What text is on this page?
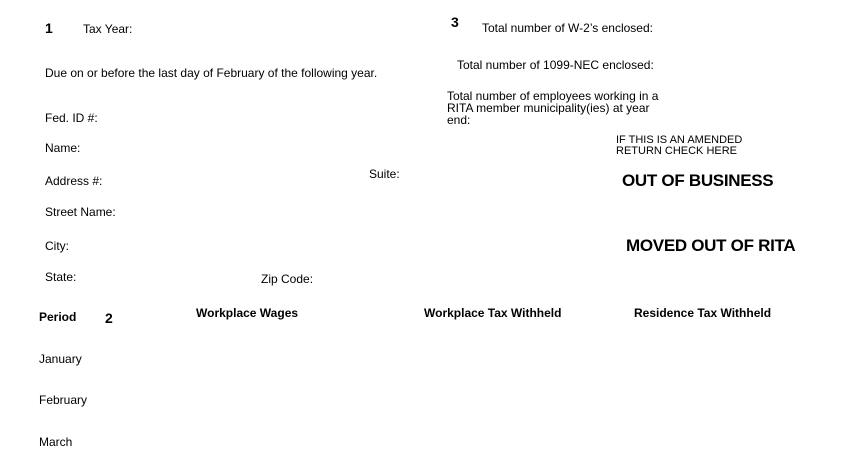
1	Tax Year:
Due on or before the last day of February of the following year.
Fed. ID #:
Name:
Address #:	Suite:
Street Name:
City:
State:	Zip Code:
3 Total number of W-2’s enclosed:
Total number of 1099-NEC enclosed:
Total number of employees working in a
RITA member municipality(ies) at year
end:
IF THIS IS AN AMENDED
RETURN CHECK HERE
OUT OF BUSINESS
MOVED OUT OF RITA
Period 2	Workplace Wages	Workplace Tax Withheld	Residence Tax Withheld
January
February
March
